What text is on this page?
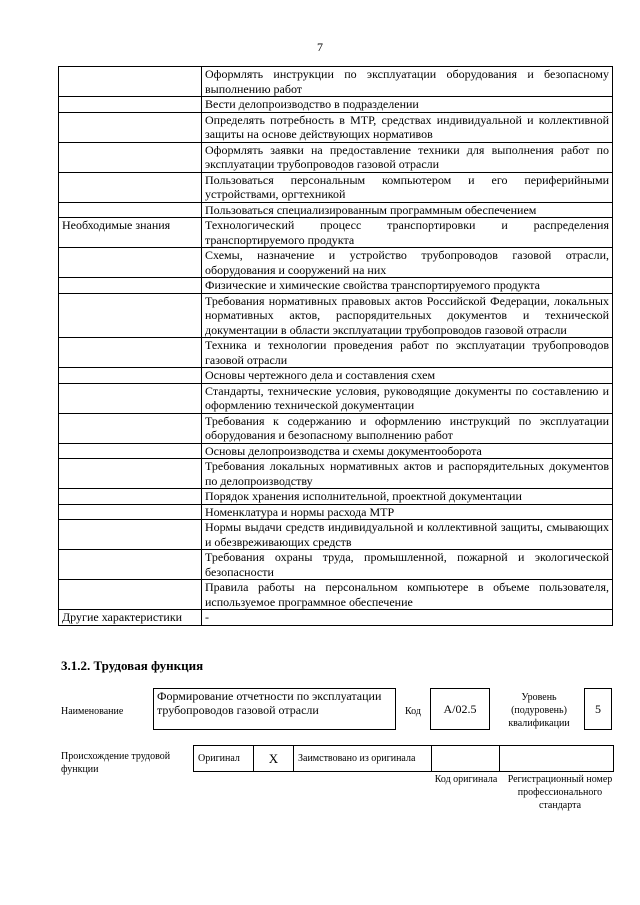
7
	Оформлять инструкции по эксплуатации оборудования и безопасному выполнению работ
	Вести делопроизводство в подразделении
	Определять потребность в МТР, средствах индивидуальной и коллективной защиты на основе действующих нормативов
	Оформлять заявки на предоставление техники для выполнения работ по эксплуатации трубопроводов газовой отрасли
	Пользоваться персональным компьютером и его периферийными устройствами, оргтехникой
	Пользоваться специализированным программным обеспечением
Необходимые знания	Технологический процесс транспортировки и распределения транспортируемого продукта
	Схемы, назначение и устройство трубопроводов газовой отрасли, оборудования и сооружений на них
	Физические и химические свойства транспортируемого продукта
	Требования нормативных правовых актов Российской Федерации, локальных нормативных актов, распорядительных документов и технической документации в области эксплуатации трубопроводов газовой отрасли
	Техника и технологии проведения работ по эксплуатации трубопроводов газовой отрасли
	Основы чертежного дела и составления схем
	Стандарты, технические условия, руководящие документы по составлению и оформлению технической документации
	Требования к содержанию и оформлению инструкций по эксплуатации оборудования и безопасному выполнению работ
	Основы делопроизводства и схемы документооборота
	Требования локальных нормативных актов и распорядительных документов по делопроизводству
	Порядок хранения исполнительной, проектной документации
	Номенклатура и нормы расхода МТР
	Нормы выдачи средств индивидуальной и коллективной защиты, смывающих и обезвреживающих средств
	Требования охраны труда, промышленной, пожарной и экологической безопасности
	Правила работы на персональном компьютере в объеме пользователя, используемое программное обеспечение
Другие характеристики	-
3.1.2. Трудовая функция
Наименование
Формирование отчетности по эксплуатации трубопроводов газовой отрасли	Код	A/02.5
Уровень (подуровень) квалификации
5
Происхождение трудовой функции
Оригинал	X	Заимствовано из оригинала		
Код оригинала Регистрационный номер профессионального стандарта
